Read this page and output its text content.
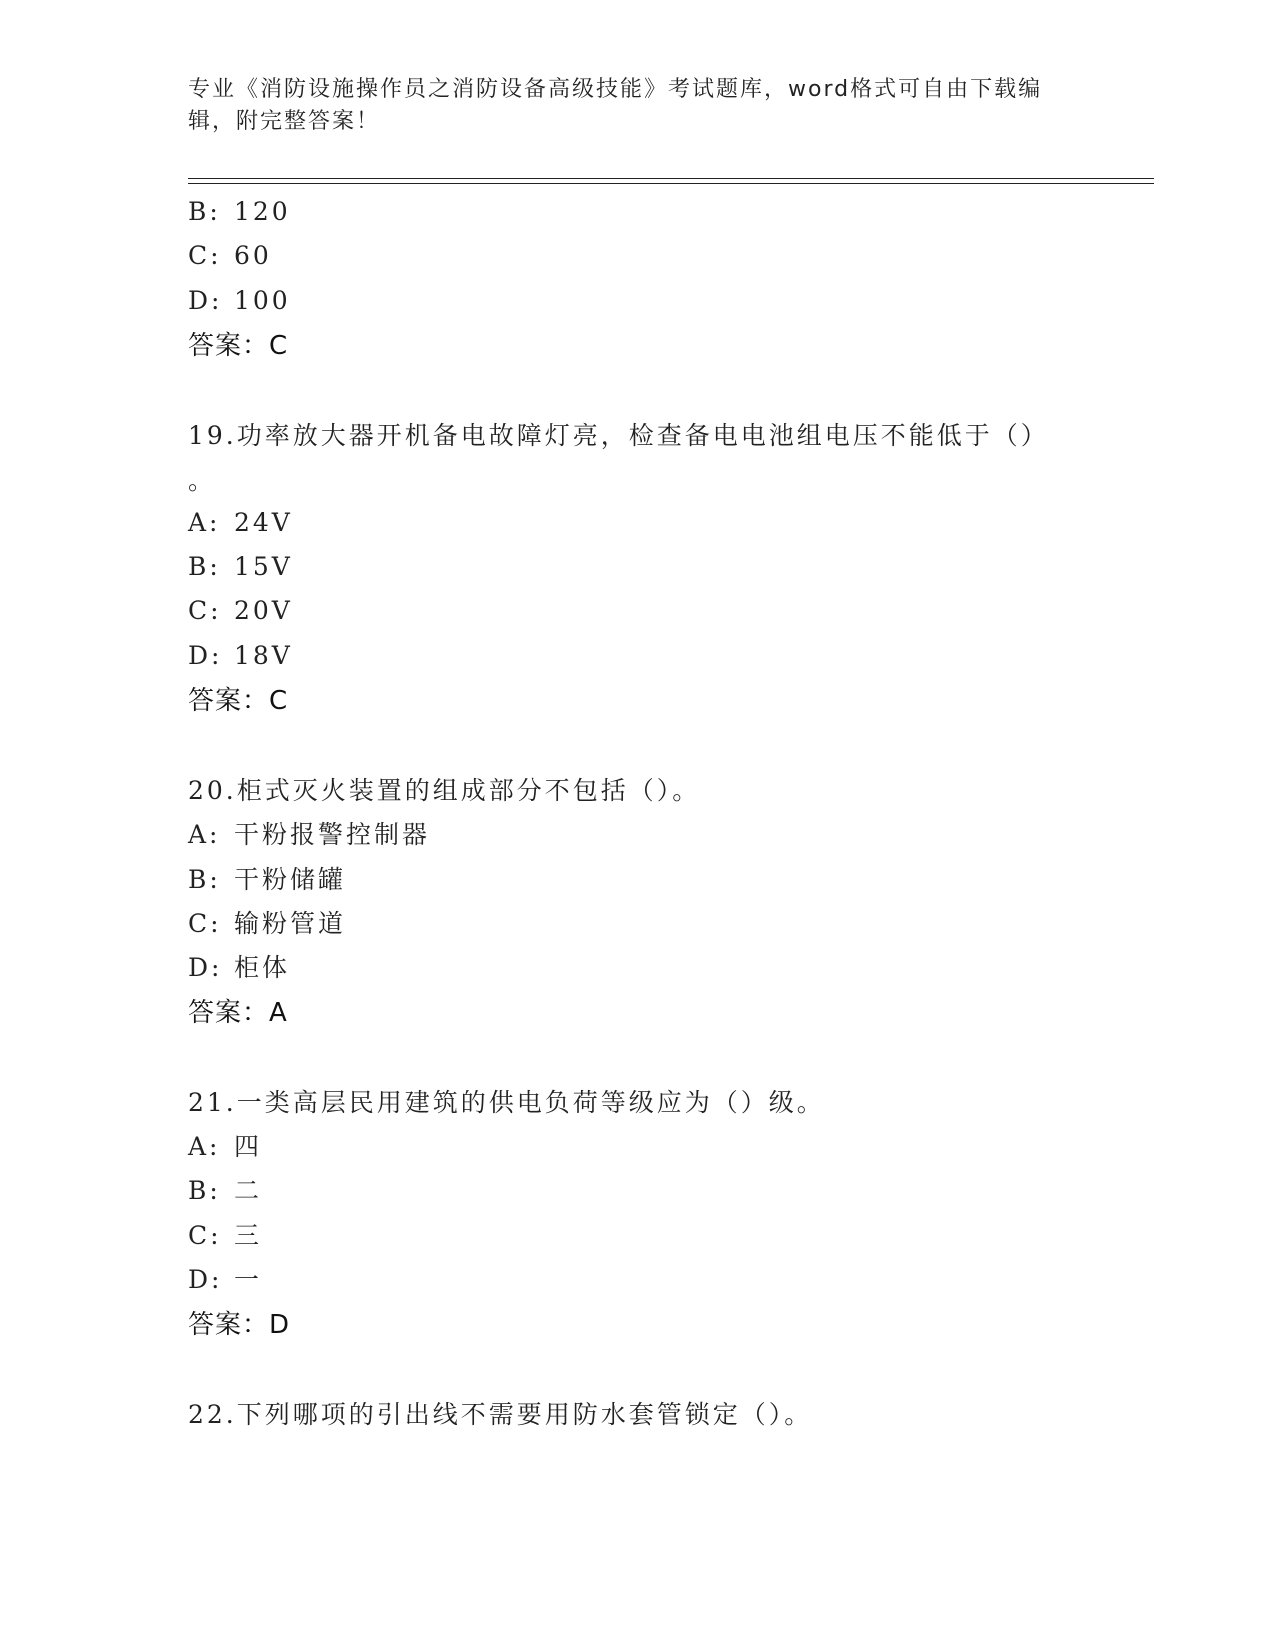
专业《消防设施操作员之消防设备高级技能》考试题库，word格式可自由下载编辑，附完整答案！
B: 120
C: 60
D: 100
答案：C
19.功率放大器开机备电故障灯亮，检查备电电池组电压不能低于（）
。
A: 24V
B: 15V
C: 20V
D: 18V
答案：C
20.柜式灭火装置的组成部分不包括（）。
A: 干粉报警控制器
B: 干粉储罐
C: 输粉管道
D: 柜体
答案：A
21.一类高层民用建筑的供电负荷等级应为（）级。
A: 四
B: 二
C: 三
D: 一
答案：D
22.下列哪项的引出线不需要用防水套管锁定（）。
